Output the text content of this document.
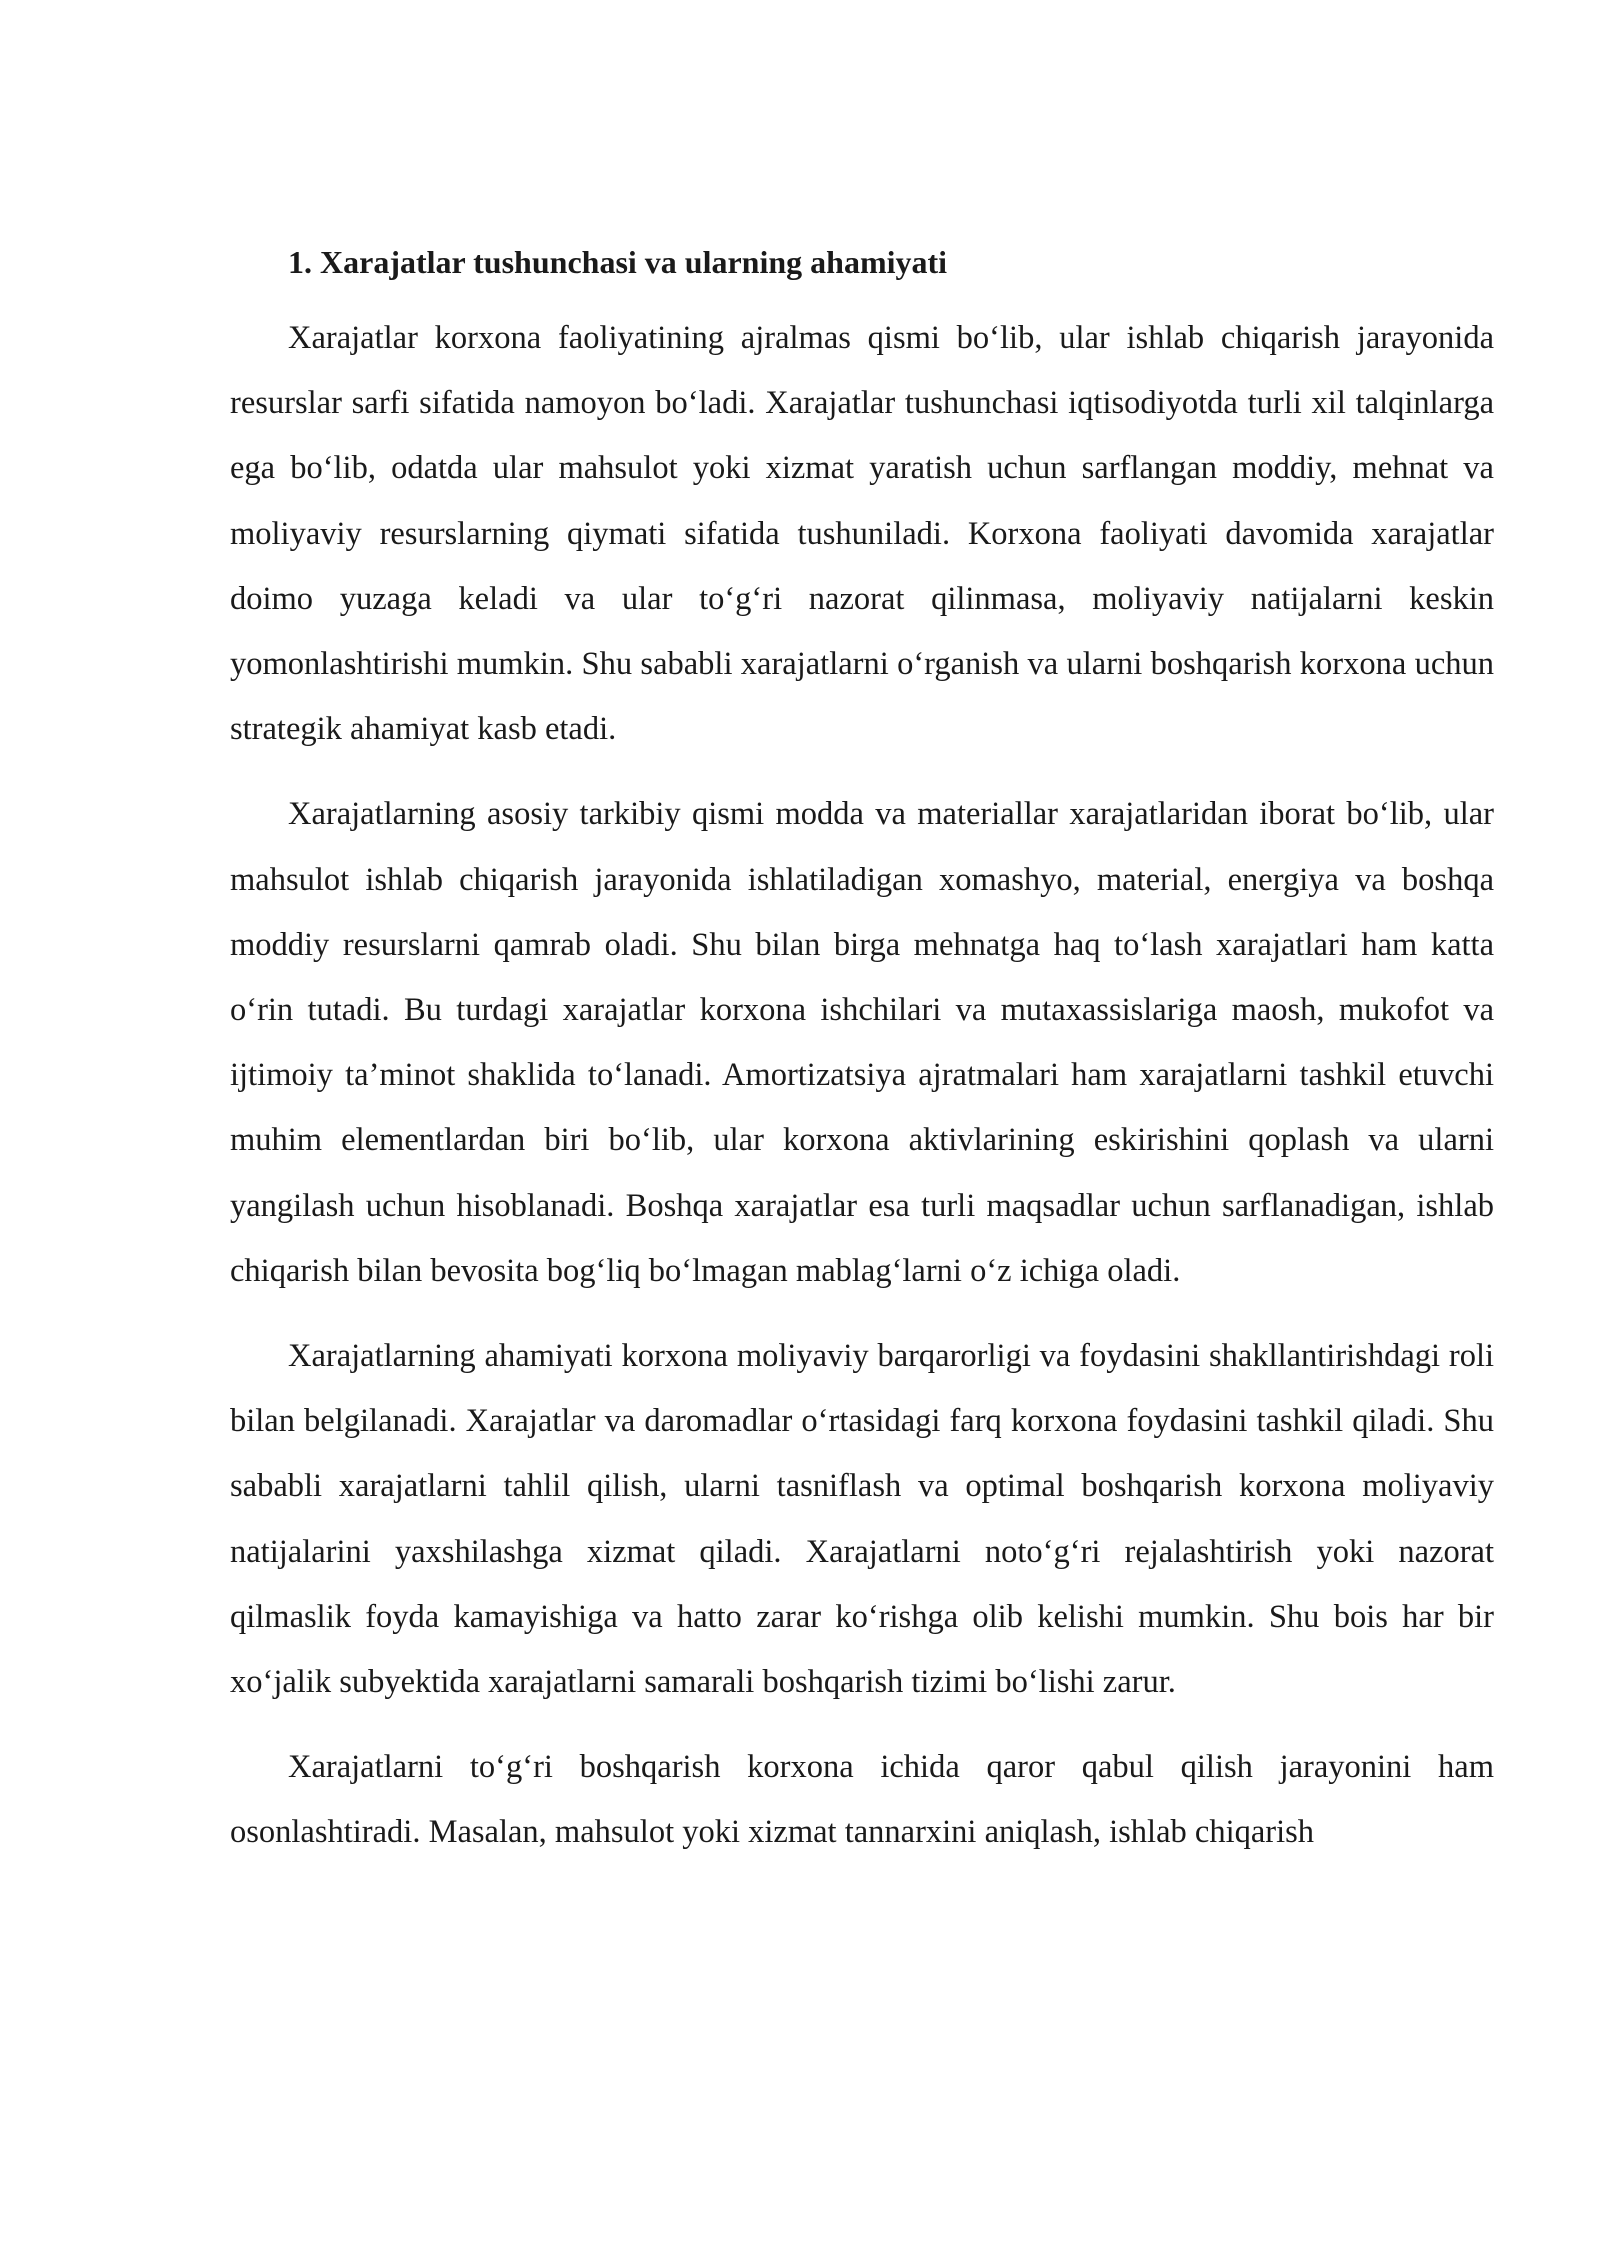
1. Xarajatlar tushunchasi va ularning ahamiyati

Xarajatlar korxona faoliyatining ajralmas qismi bo‘lib, ular ishlab chiqarish jarayonida resurslar sarfi sifatida namoyon bo‘ladi. Xarajatlar tushunchasi iqtisodiyotda turli xil talqinlarga ega bo‘lib, odatda ular mahsulot yoki xizmat yaratish uchun sarflangan moddiy, mehnat va moliyaviy resurslarning qiymati sifatida tushuniladi. Korxona faoliyati davomida xarajatlar doimo yuzaga keladi va ular to‘g‘ri nazorat qilinmasa, moliyaviy natijalarni keskin yomonlashtirishi mumkin. Shu sababli xarajatlarni o‘rganish va ularni boshqarish korxona uchun strategik ahamiyat kasb etadi.

Xarajatlarning asosiy tarkibiy qismi modda va materiallar xarajatlaridan iborat bo‘lib, ular mahsulot ishlab chiqarish jarayonida ishlatiladigan xomashyo, material, energiya va boshqa moddiy resurslarni qamrab oladi. Shu bilan birga mehnatga haq to‘lash xarajatlari ham katta o‘rin tutadi. Bu turdagi xarajatlar korxona ishchilari va mutaxassislariga maosh, mukofot va ijtimoiy ta’minot shaklida to‘lanadi. Amortizatsiya ajratmalari ham xarajatlarni tashkil etuvchi muhim elementlardan biri bo‘lib, ular korxona aktivlarining eskirishini qoplash va ularni yangilash uchun hisoblanadi. Boshqa xarajatlar esa turli maqsadlar uchun sarflanadigan, ishlab chiqarish bilan bevosita bog‘liq bo‘lmagan mablag‘larni o‘z ichiga oladi.

Xarajatlarning ahamiyati korxona moliyaviy barqarorligi va foydasini shakllantirishdagi roli bilan belgilanadi. Xarajatlar va daromadlar o‘rtasidagi farq korxona foydasini tashkil qiladi. Shu sababli xarajatlarni tahlil qilish, ularni tasniflash va optimal boshqarish korxona moliyaviy natijalarini yaxshilashga xizmat qiladi. Xarajatlarni noto‘g‘ri rejalashtirish yoki nazorat qilmaslik foyda kamayishiga va hatto zarar ko‘rishga olib kelishi mumkin. Shu bois har bir xo‘jalik subyektida xarajatlarni samarali boshqarish tizimi bo‘lishi zarur.

Xarajatlarni to‘g‘ri boshqarish korxona ichida qaror qabul qilish jarayonini ham osonlashtiradi. Masalan, mahsulot yoki xizmat tannarxini aniqlash, ishlab chiqarish
